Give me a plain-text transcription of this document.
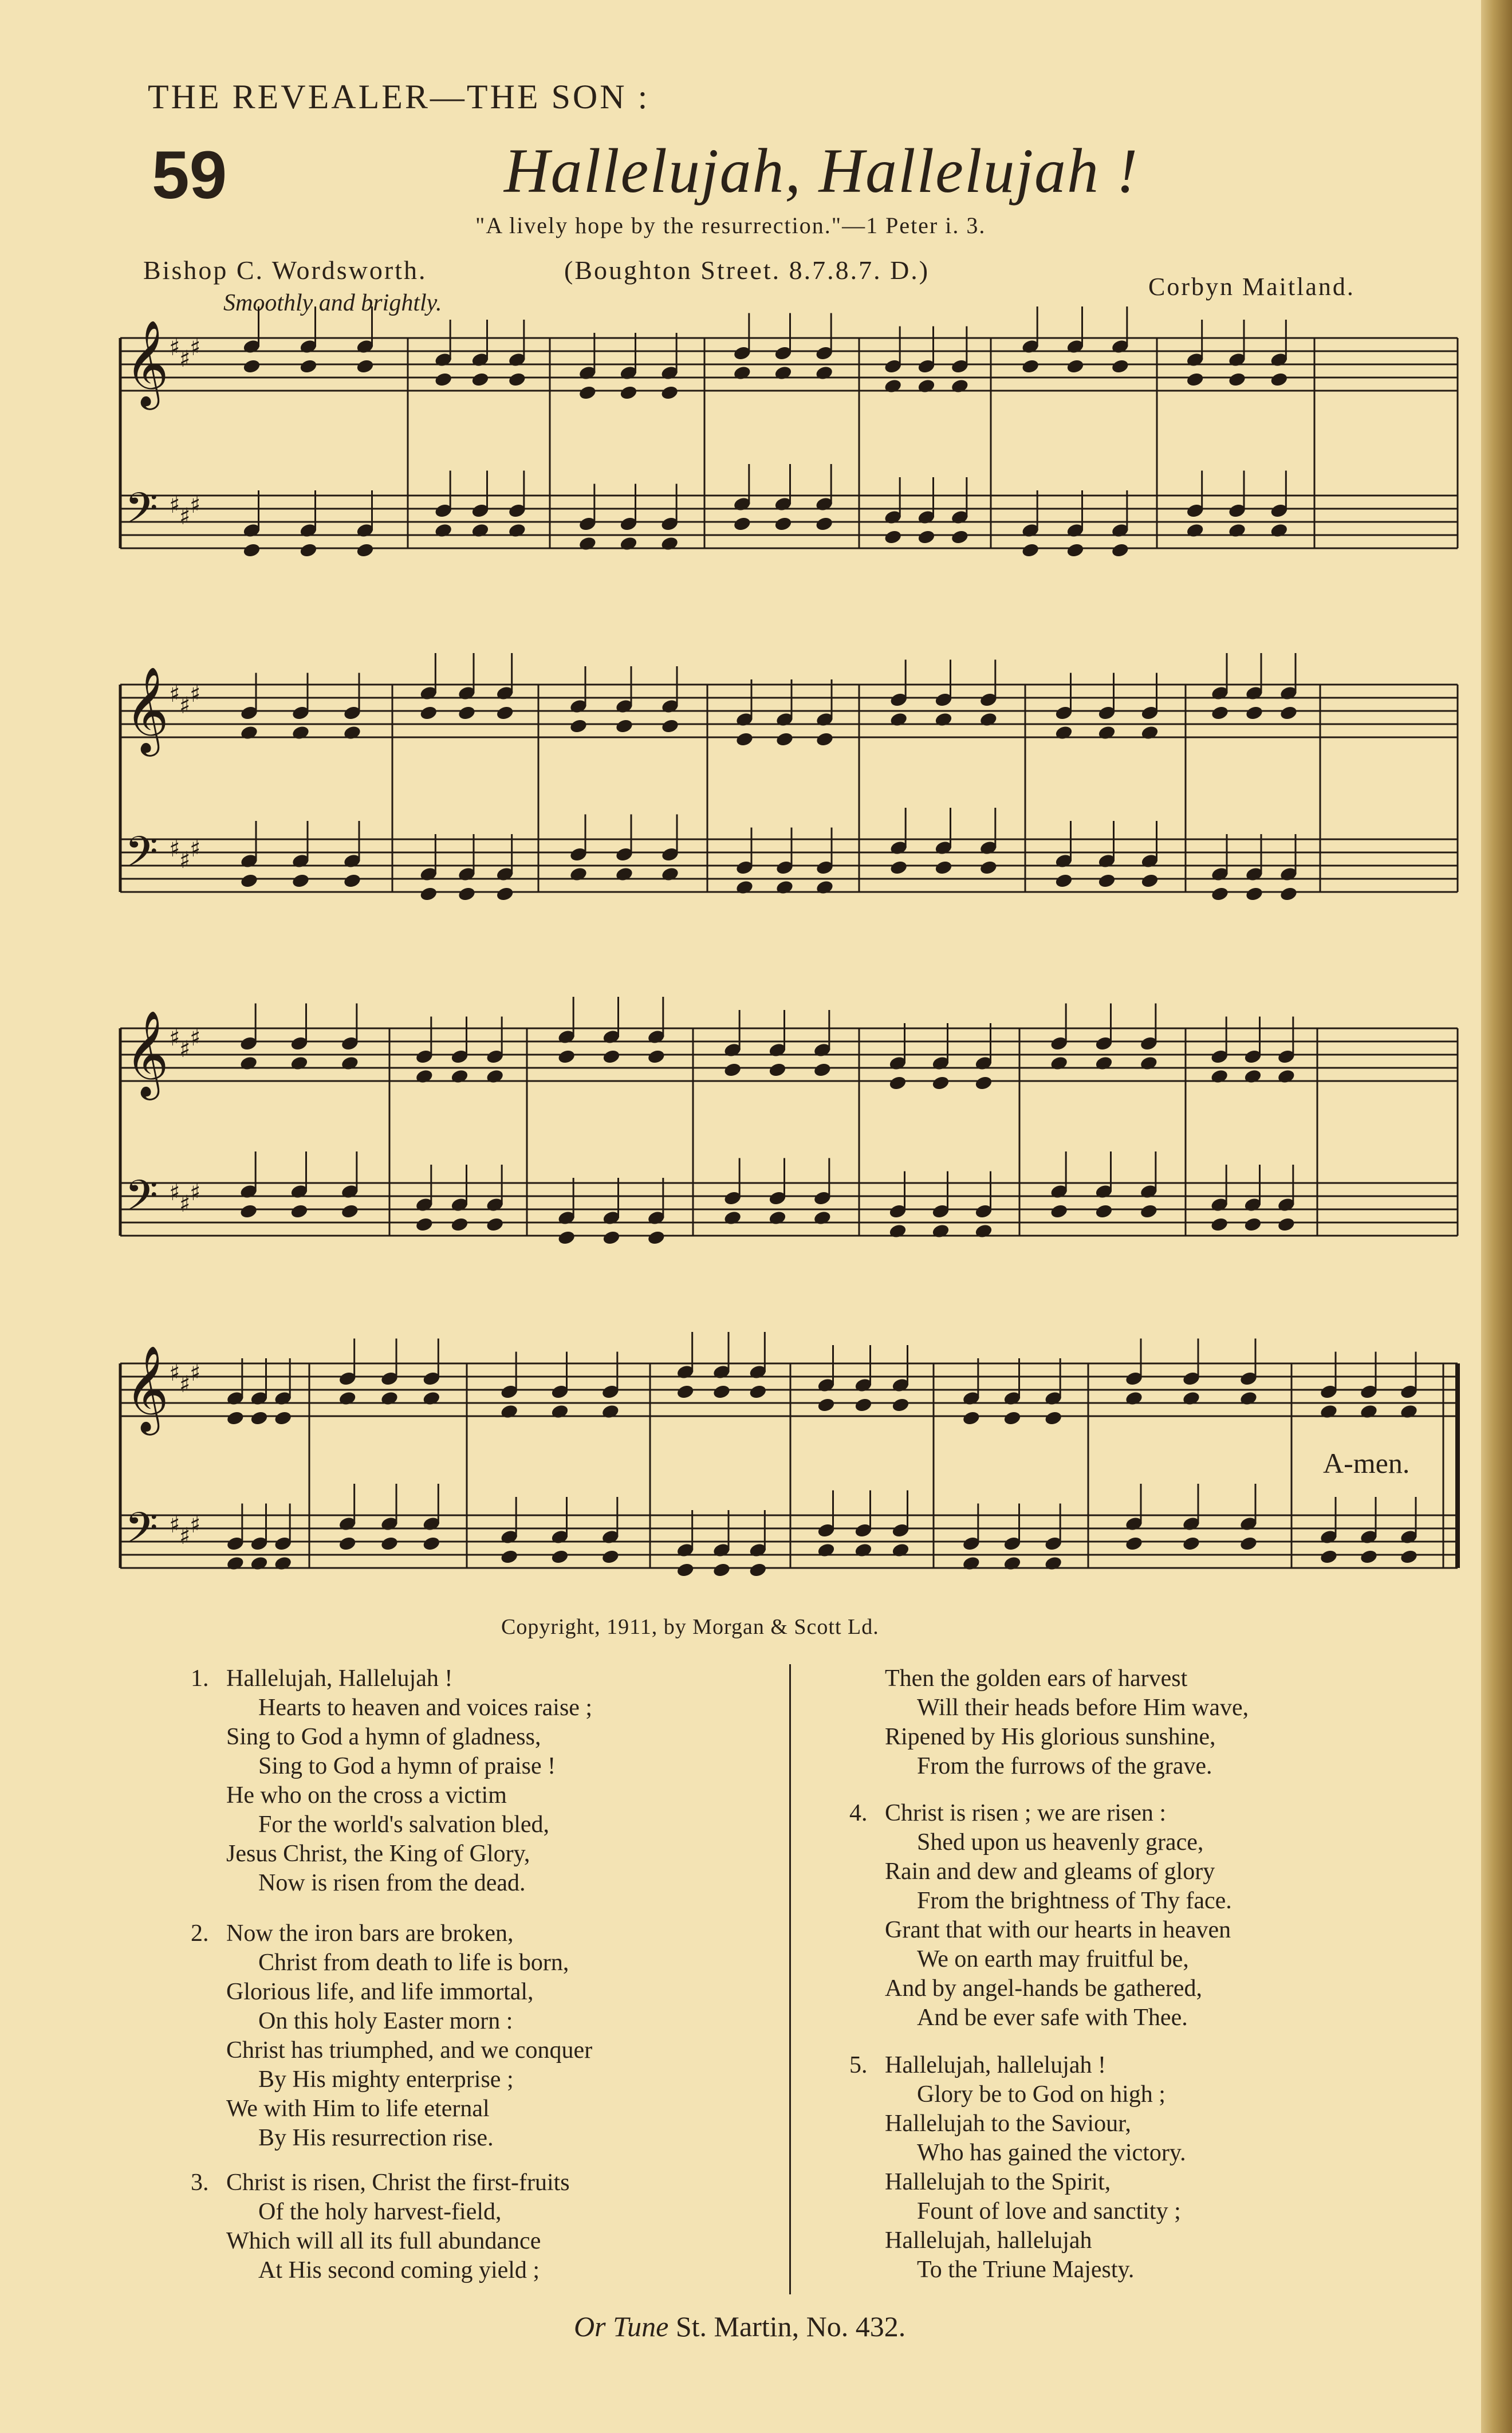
THE REVEALER—THE SON :
59	Hallelujah, Hallelujah !
"A lively hope by the resurrection."—1 Peter i. 3.
Bishop C. Wordsworth.	(Boughton Street. 8.7.8.7. D.)
Corbyn Maitland.
Smoothly and brightly.
𝄞 ♯
♯
♯
𝄢 ♯
♯
♯
𝄞 ♯
♯
♯
𝄢 ♯
♯
♯
𝄞 ♯
♯
♯
𝄢 ♯
♯
♯
𝄞 ♯
♯
♯
𝄢 ♯
♯
♯
A-men.
Copyright, 1911, by Morgan & Scott Ld.
1. Hallelujah, Hallelujah !
Hearts to heaven and voices raise ;
Sing to God a hymn of gladness,
Sing to God a hymn of praise !
He who on the cross a victim
For the world's salvation bled,
Jesus Christ, the King of Glory,
Now is risen from the dead.
2. Now the iron bars are broken,
Christ from death to life is born,
Glorious life, and life immortal,
On this holy Easter morn :
Christ has triumphed, and we conquer
By His mighty enterprise ;
We with Him to life eternal
By His resurrection rise.
3. Christ is risen, Christ the first-fruits
Of the holy harvest-field,
Which will all its full abundance
At His second coming yield ;
Then the golden ears of harvest
Will their heads before Him wave,
Ripened by His glorious sunshine,
From the furrows of the grave.
4. Christ is risen ; we are risen :
Shed upon us heavenly grace,
Rain and dew and gleams of glory
From the brightness of Thy face.
Grant that with our hearts in heaven
We on earth may fruitful be,
And by angel-hands be gathered,
And be ever safe with Thee.
5. Hallelujah, hallelujah !
Glory be to God on high ;
Hallelujah to the Saviour,
Who has gained the victory.
Hallelujah to the Spirit,
Fount of love and sanctity ;
Hallelujah, hallelujah
To the Triune Majesty.
Or Tune St. Martin, No. 432.
